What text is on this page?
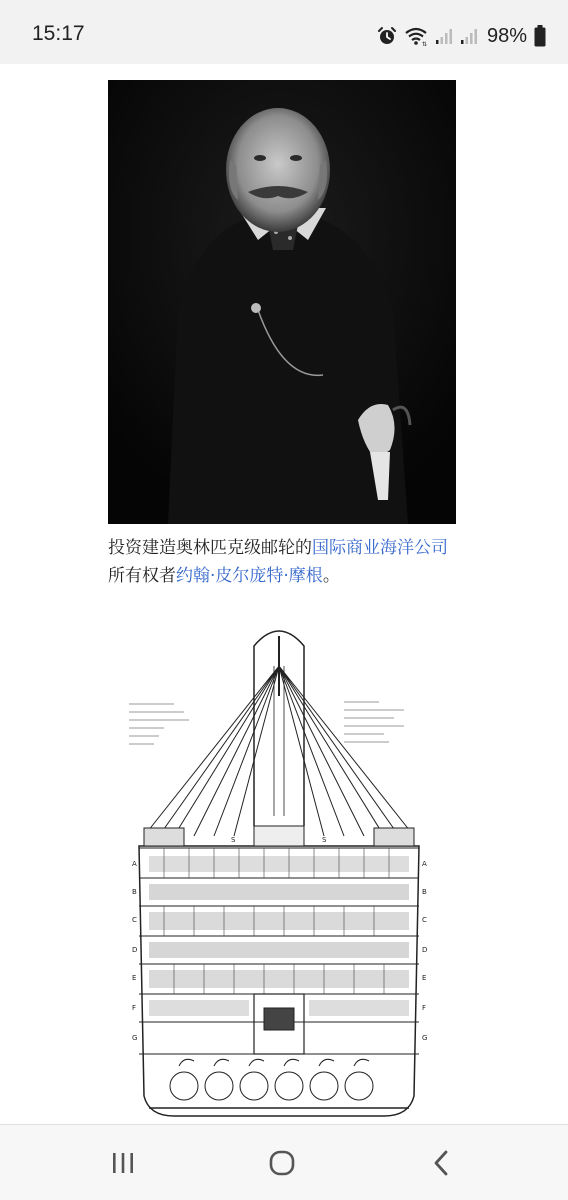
15:17	⇅	98%

投资建造奥林匹克级邮轮的国际商业海洋公司所有权者约翰·皮尔庞特·摩根。

A
B
C
D
E
F
G
A
B
C
D
E
F
G
S	S
